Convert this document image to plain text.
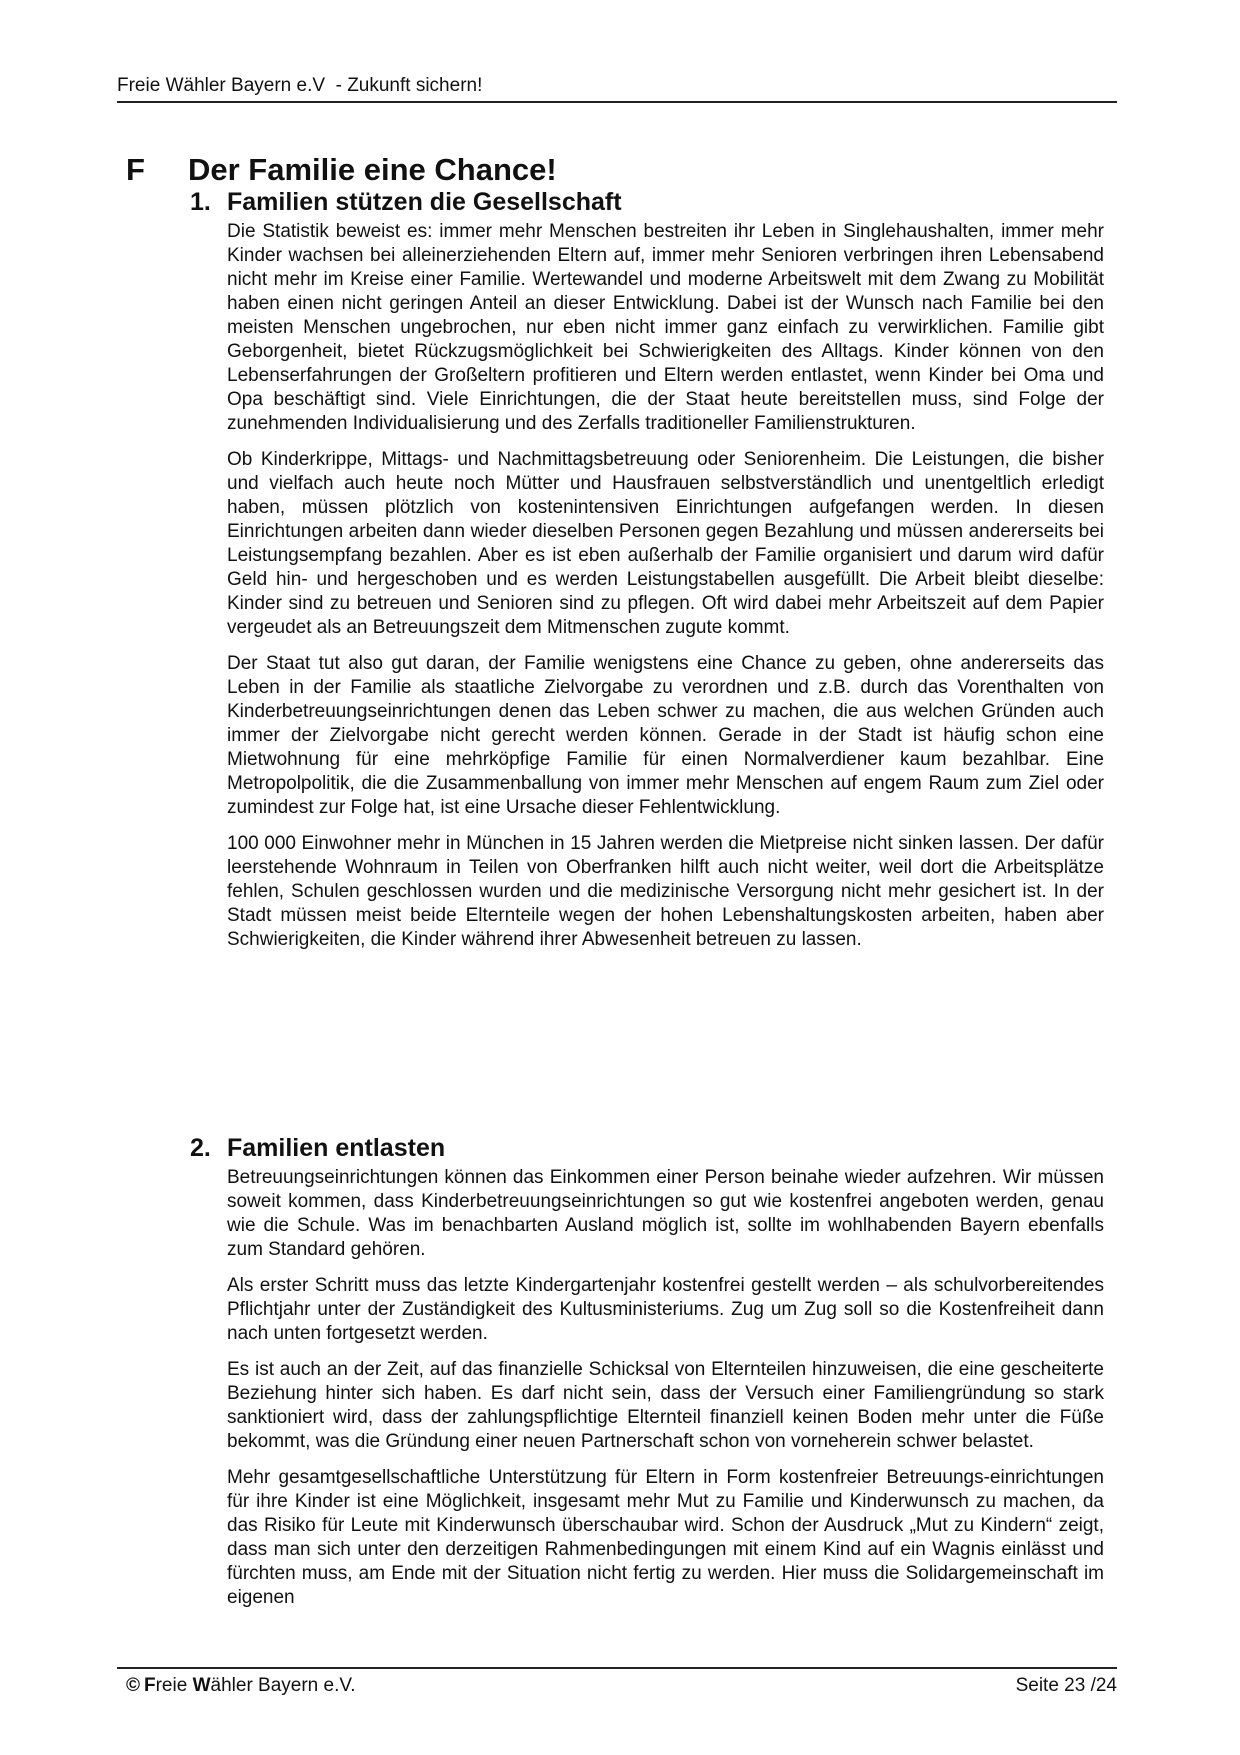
Freie Wähler Bayern e.V  - Zukunft sichern!
F Der Familie eine Chance!
1. Familien stützen die Gesellschaft

Die Statistik beweist es: immer mehr Menschen bestreiten ihr Leben in Singlehaushalten, immer mehr Kinder wachsen bei alleinerziehenden Eltern auf, immer mehr Senioren verbringen ihren Lebensabend nicht mehr im Kreise einer Familie. Wertewandel und moderne Arbeitswelt mit dem Zwang zu Mobilität haben einen nicht geringen Anteil an dieser Entwicklung. Dabei ist der Wunsch nach Familie bei den meisten Menschen ungebrochen, nur eben nicht immer ganz einfach zu verwirklichen. Familie gibt Geborgenheit, bietet Rückzugsmöglichkeit bei Schwierigkeiten des Alltags. Kinder können von den Lebenserfahrungen der Großeltern profitieren und Eltern werden entlastet, wenn Kinder bei Oma und Opa beschäftigt sind. Viele Einrichtungen, die der Staat heute bereitstellen muss, sind Folge der zunehmenden Individualisierung und des Zerfalls traditioneller Familienstrukturen.

Ob Kinderkrippe, Mittags- und Nachmittagsbetreuung oder Seniorenheim. Die Leistungen, die bisher und vielfach auch heute noch Mütter und Hausfrauen selbstverständlich und unentgeltlich erledigt haben, müssen plötzlich von kostenintensiven Einrichtungen aufgefangen werden. In diesen Einrichtungen arbeiten dann wieder dieselben Personen gegen Bezahlung und müssen andererseits bei Leistungsempfang bezahlen. Aber es ist eben außerhalb der Familie organisiert und darum wird dafür Geld hin- und hergeschoben und es werden Leistungstabellen ausgefüllt. Die Arbeit bleibt dieselbe: Kinder sind zu betreuen und Senioren sind zu pflegen. Oft wird dabei mehr Arbeitszeit auf dem Papier vergeudet als an Betreuungszeit dem Mitmenschen zugute kommt.

Der Staat tut also gut daran, der Familie wenigstens eine Chance zu geben, ohne andererseits das Leben in der Familie als staatliche Zielvorgabe zu verordnen und z.B. durch das Vorenthalten von Kinderbetreuungseinrichtungen denen das Leben schwer zu machen, die aus welchen Gründen auch immer der Zielvorgabe nicht gerecht werden können. Gerade in der Stadt ist häufig schon eine Mietwohnung für eine mehrköpfige Familie für einen Normalverdiener kaum bezahlbar. Eine Metropolpolitik, die die Zusammenballung von immer mehr Menschen auf engem Raum zum Ziel oder zumindest zur Folge hat, ist eine Ursache dieser Fehlentwicklung.

100 000 Einwohner mehr in München in 15 Jahren werden die Mietpreise nicht sinken lassen. Der dafür leerstehende Wohnraum in Teilen von Oberfranken hilft auch nicht weiter, weil dort die Arbeitsplätze fehlen, Schulen geschlossen wurden und die medizinische Versorgung nicht mehr gesichert ist. In der Stadt müssen meist beide Elternteile wegen der hohen Lebenshaltungskosten arbeiten, haben aber Schwierigkeiten, die Kinder während ihrer Abwesenheit betreuen zu lassen.

2. Familien entlasten

Betreuungseinrichtungen können das Einkommen einer Person beinahe wieder aufzehren. Wir müssen soweit kommen, dass Kinderbetreuungseinrichtungen so gut wie kostenfrei angeboten werden, genau wie die Schule. Was im benachbarten Ausland möglich ist, sollte im wohlhabenden Bayern ebenfalls zum Standard gehören.

Als erster Schritt muss das letzte Kindergartenjahr kostenfrei gestellt werden – als schulvorbereitendes Pflichtjahr unter der Zuständigkeit des Kultusministeriums. Zug um Zug soll so die Kostenfreiheit dann nach unten fortgesetzt werden.

Es ist auch an der Zeit, auf das finanzielle Schicksal von Elternteilen hinzuweisen, die eine gescheiterte Beziehung hinter sich haben. Es darf nicht sein, dass der Versuch einer Familiengründung so stark sanktioniert wird, dass der zahlungspflichtige Elternteil finanziell keinen Boden mehr unter die Füße bekommt, was die Gründung einer neuen Partnerschaft schon von vorneherein schwer belastet.

Mehr gesamtgesellschaftliche Unterstützung für Eltern in Form kostenfreier Betreuungs-einrichtungen für ihre Kinder ist eine Möglichkeit, insgesamt mehr Mut zu Familie und Kinderwunsch zu machen, da das Risiko für Leute mit Kinderwunsch überschaubar wird. Schon der Ausdruck „Mut zu Kindern“ zeigt, dass man sich unter den derzeitigen Rahmenbedingungen mit einem Kind auf ein Wagnis einlässt und fürchten muss, am Ende mit der Situation nicht fertig zu werden. Hier muss die Solidargemeinschaft im eigenen

© Freie Wähler Bayern e.V.	Seite 23 /24
